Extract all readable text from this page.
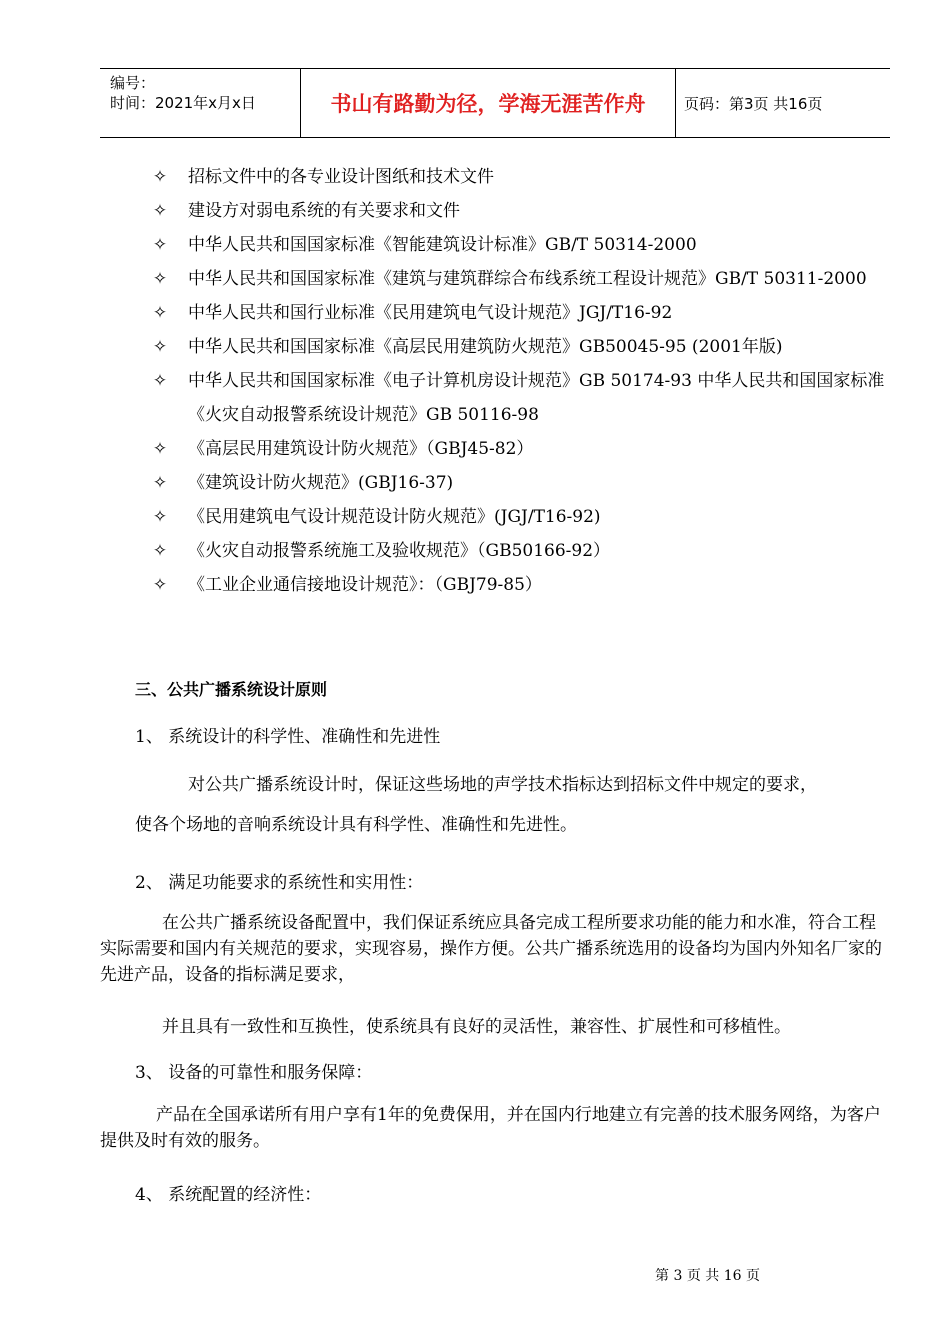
编号：
时间：2021年x月x日	书山有路勤为径，学海无涯苦作舟	页码：第3页 共16页
✧ 招标文件中的各专业设计图纸和技术文件
✧ 建设方对弱电系统的有关要求和文件
✧ 中华人民共和国国家标准《智能建筑设计标准》GB/T 50314-2000
✧ 中华人民共和国国家标准《建筑与建筑群综合布线系统工程设计规范》GB/T 50311-2000
✧ 中华人民共和国行业标准《民用建筑电气设计规范》JGJ/T16-92
✧ 中华人民共和国国家标准《高层民用建筑防火规范》GB50045-95 (2001年版)
✧ 中华人民共和国国家标准《电子计算机房设计规范》GB 50174-93 中华人民共和国国家标准《火灾自动报警系统设计规范》GB 50116-98
✧ 《高层民用建筑设计防火规范》（GBJ45-82）
✧ 《建筑设计防火规范》(GBJ16-37)
✧ 《民用建筑电气设计规范设计防火规范》(JGJ/T16-92)
✧ 《火灾自动报警系统施工及验收规范》（GB50166-92）
✧ 《工业企业通信接地设计规范》：（GBJ79-85）
三、公共广播系统设计原则
1、 系统设计的科学性、准确性和先进性
对公共广播系统设计时，保证这些场地的声学技术指标达到招标文件中规定的要求，
使各个场地的音响系统设计具有科学性、准确性和先进性。
2、 满足功能要求的系统性和实用性：
在公共广播系统设备配置中，我们保证系统应具备完成工程所要求功能的能力和水准，符合工程实际需要和国内有关规范的要求，实现容易，操作方便。公共广播系统选用的设备均为国内外知名厂家的先进产品，设备的指标满足要求，
并且具有一致性和互换性，使系统具有良好的灵活性，兼容性、扩展性和可移植性。
3、 设备的可靠性和服务保障：
产品在全国承诺所有用户享有1年的免费保用，并在国内行地建立有完善的技术服务网络，为客户提供及时有效的服务。
4、 系统配置的经济性：
第 3 页 共 16 页
